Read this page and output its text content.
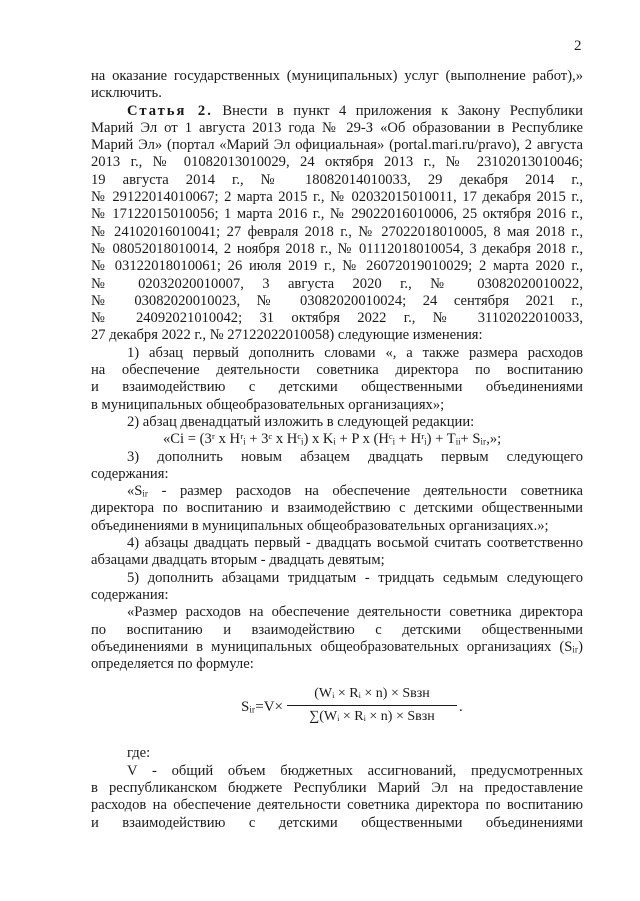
2

на оказание государственных (муниципальных) услуг (выполнение работ),»

исключить.

Статья 2. Внести в пункт 4 приложения к Закону Республики

Марий Эл от 1 августа 2013 года № 29-З «Об образовании в Республике

Марий Эл» (портал «Марий Эл официальная» (portal.mari.ru/pravo), 2 августа

2013 г., № 01082013010029, 24 октября 2013 г., № 23102013010046;

19 августа 2014 г., № 18082014010033, 29 декабря 2014 г.,

№ 29122014010067; 2 марта 2015 г., № 02032015010011, 17 декабря 2015 г.,

№ 17122015010056; 1 марта 2016 г., № 29022016010006, 25 октября 2016 г.,

№ 24102016010041; 27 февраля 2018 г., № 27022018010005, 8 мая 2018 г.,

№ 08052018010014, 2 ноября 2018 г., № 01112018010054, 3 декабря 2018 г.,

№ 03122018010061; 26 июля 2019 г., № 26072019010029; 2 марта 2020 г.,

№ 02032020010007, 3 августа 2020 г., № 03082020010022,

№ 03082020010023, № 03082020010024; 24 сентября 2021 г.,

№ 24092021010042; 31 октября 2022 г., № 31102022010033,

27 декабря 2022 г., № 27122022010058) следующие изменения:

1) абзац первый дополнить словами «, а также размера расходов

на обеспечение деятельности советника директора по воспитанию

и взаимодействию с детскими общественными объединениями

в муниципальных общеобразовательных организациях»;

2) абзац двенадцатый изложить в следующей редакции:

«Ci = (3ʳ x Hʳᵢ + 3ᶜ x Hᶜᵢ) x Kᵢ + P x (Hᶜᵢ + Hʳᵢ) + Tᵢᵢ+ Sᵢᵣ,»;

3) дополнить новым абзацем двадцать первым следующего

содержания:

«Sᵢᵣ - размер расходов на обеспечение деятельности советника

директора по воспитанию и взаимодействию с детскими общественными

объединениями в муниципальных общеобразовательных организациях.»;

4) абзацы двадцать первый - двадцать восьмой считать соответственно

абзацами двадцать вторым - двадцать девятым;

5) дополнить абзацами тридцатым - тридцать седьмым следующего

содержания:

«Размер расходов на обеспечение деятельности советника директора

по воспитанию и взаимодействию с детскими общественными

объединениями в муниципальных общеобразовательных организациях (Sᵢᵣ)

определяется по формуле:

Sᵢᵣ=V×
(Wᵢ × Rᵢ × n) × Sвзн
∑(Wᵢ × Rᵢ × n) × Sвзн
.

где:

V - общий объем бюджетных ассигнований, предусмотренных

в республиканском бюджете Республики Марий Эл на предоставление

расходов на обеспечение деятельности советника директора по воспитанию

и взаимодействию с детскими общественными объединениями
